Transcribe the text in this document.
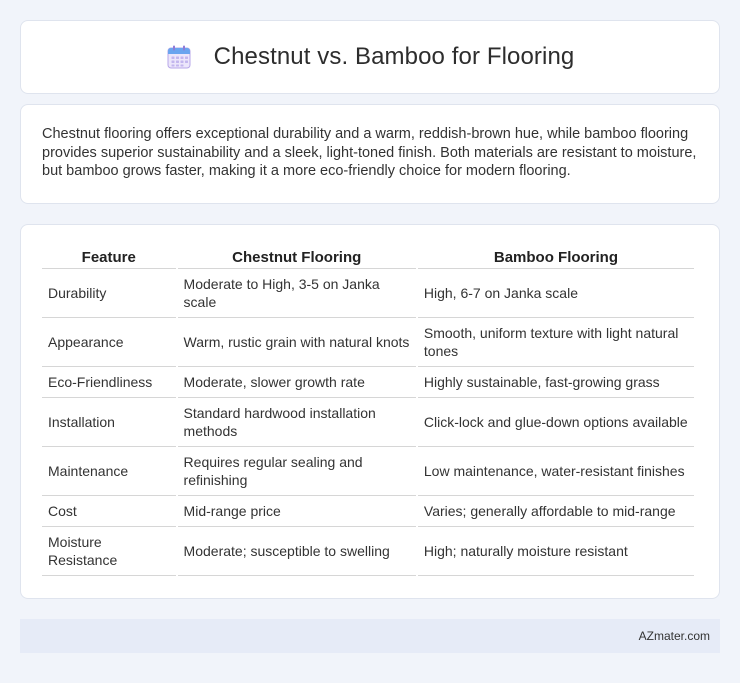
Chestnut vs. Bamboo for Flooring

Chestnut flooring offers exceptional durability and a warm, reddish-brown hue, while bamboo flooring provides superior sustainability and a sleek, light-toned finish. Both materials are resistant to moisture, but bamboo grows faster, making it a more eco-friendly choice for modern flooring.

Feature	Chestnut Flooring	Bamboo Flooring
Durability	Moderate to High, 3-5 on Janka scale	High, 6-7 on Janka scale
Appearance	Warm, rustic grain with natural knots	Smooth, uniform texture with light natural tones
Eco-Friendliness	Moderate, slower growth rate	Highly sustainable, fast-growing grass
Installation	Standard hardwood installation methods	Click-lock and glue-down options available
Maintenance	Requires regular sealing and refinishing	Low maintenance, water-resistant finishes
Cost	Mid-range price	Varies; generally affordable to mid-range
Moisture Resistance	Moderate; susceptible to swelling	High; naturally moisture resistant
AZmater.com
